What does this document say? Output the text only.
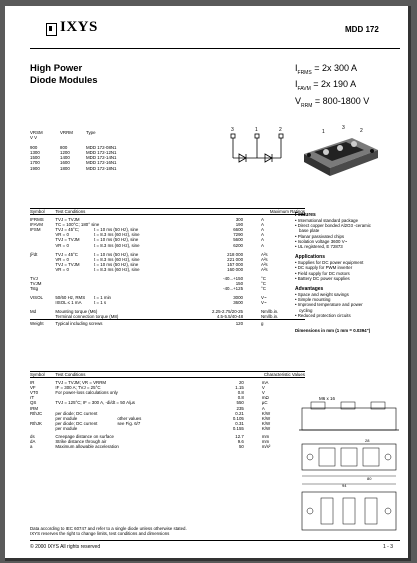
IXYS	MDD 172
High Power
Diode Modules
$I_{FRMS} = 2x$ 300 A
$I_{FAVM} = 2x$ 190 A
$V_{RRM} = 800-1800$ V
VRSM	VRRM	Type
V V		

900	800	MDD 172-08N1
1300	1200	MDD 172-12N1
1500	1400	MDD 172-14N1
1700	1600	MDD 172-16N1
1900	1800	MDD 172-18N1
3	1	2	1
3	2
Symbol	Test Conditions		Maximum Ratings	

IFRMS	TVJ = TVJM		300	A
IFAVM	TC = 100°C; 180° sine		190	A
IFSM	TVJ = 45°C;	t = 10 ms (50 Hz), sine	6600	A
	VR = 0	t = 8.3 ms (60 Hz), sine	7290	A
	TVJ = TVJM	t = 10 ms (50 Hz), sine	5600	A
	VR = 0	t = 8.3 ms (60 Hz), sine	6200	A

∫i²dt	TVJ = 45°C	t = 10 ms (50 Hz), sine	218 000	A²s
	VR = 0	t = 8.3 ms (60 Hz), sine	221 000	A²s
	TVJ = TVJM	t = 10 ms (50 Hz), sine	157 000	A²s
	VR = 0	t = 8.3 ms (60 Hz), sine	160 000	A²s

TVJ			-40...+150	°C
TVJM			150	°C
Tstg			-40...+125	°C

VISOL	50/60 Hz, RMS	t = 1 min	3000	V~
	IISOL ≤ 1 mA	t = 1 s	3600	V~

Md	Mounting torque (M6)		2.25-2.75/20-25	Nm/lb.in.
	Terminal connection torque (M8)		4.5-5.5/40-48	Nm/lb.in.

Weight	Typical including screws		120	g
Symbol	Test Conditions		Characteristic Values	

IR	TVJ = TVJM; VR = VRRM		20	mA
VF	IF = 300 A; TVJ = 25°C		1.15	V
VT0	For power-loss calculations only		0.8	V
rT			0.8	mΩ
QS	TVJ = 125°C; IF = 300 A, -di/dt = 50 A/µs		550	µC
IRM			235	A
RthJC	per diode; DC current		0.21	K/W
	per module	other values	0.105	K/W
RthJK	per diode; DC current	see Fig. 6/7	0.31	K/W
	per module		0.155	K/W

ds	Creepage distance on surface		12.7	mm
dA	Strike distance through air		9.6	mm
a	Maximum allowable acceleration		50	m/s²
Data according to IEC 60747 and refer to a single diode unless otherwise stated.
IXYS reserves the right to change limits, test conditions and dimensions
© 2000 IXYS All rights reserved	1 - 3
Features
• International standard package
• Direct copper bonded Al2O3 -ceramic
base plate
• Planar passivated chips
• Isolation voltage 3600 V~
• UL registered, E 72873
Applications
• Supplies for DC power equipment
• DC supply for PWM inverter
• Field supply for DC motors
• Battery DC power supplies
Advantages
• Space and weight savings
• Simple mounting
• Improved temperature and power
cycling
• Reduced protection circuits
Dimensions in mm (1 mm = 0.0394")
M6 x 16
28
80
94
